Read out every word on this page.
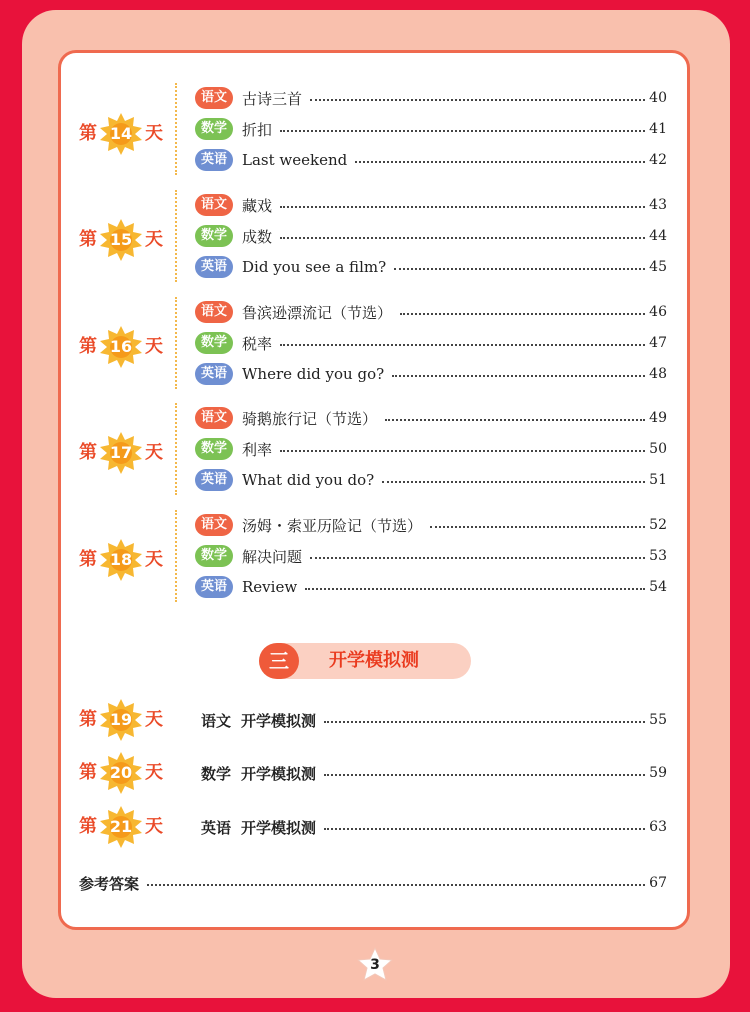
第 14 天
语文	古诗三首	40
数学	折扣	41
英语	Last weekend	42
第 15 天
语文	藏戏	43
数学	成数	44
英语	Did you see a film?	45
第 16 天
语文	鲁滨逊漂流记（节选）	46
数学	税率	47
英语	Where did you go?	48
第 17 天
语文	骑鹅旅行记（节选）	49
数学	利率	50
英语	What did you do?	51
第 18 天
语文	汤姆・索亚历险记（节选）	52
数学	解决问题	53
英语	Review	54
三	开学模拟测
第 19 天	语文 开学模拟测	55
第 20 天	数学 开学模拟测	59
第 21 天	英语 开学模拟测	63
参考答案	67
3
